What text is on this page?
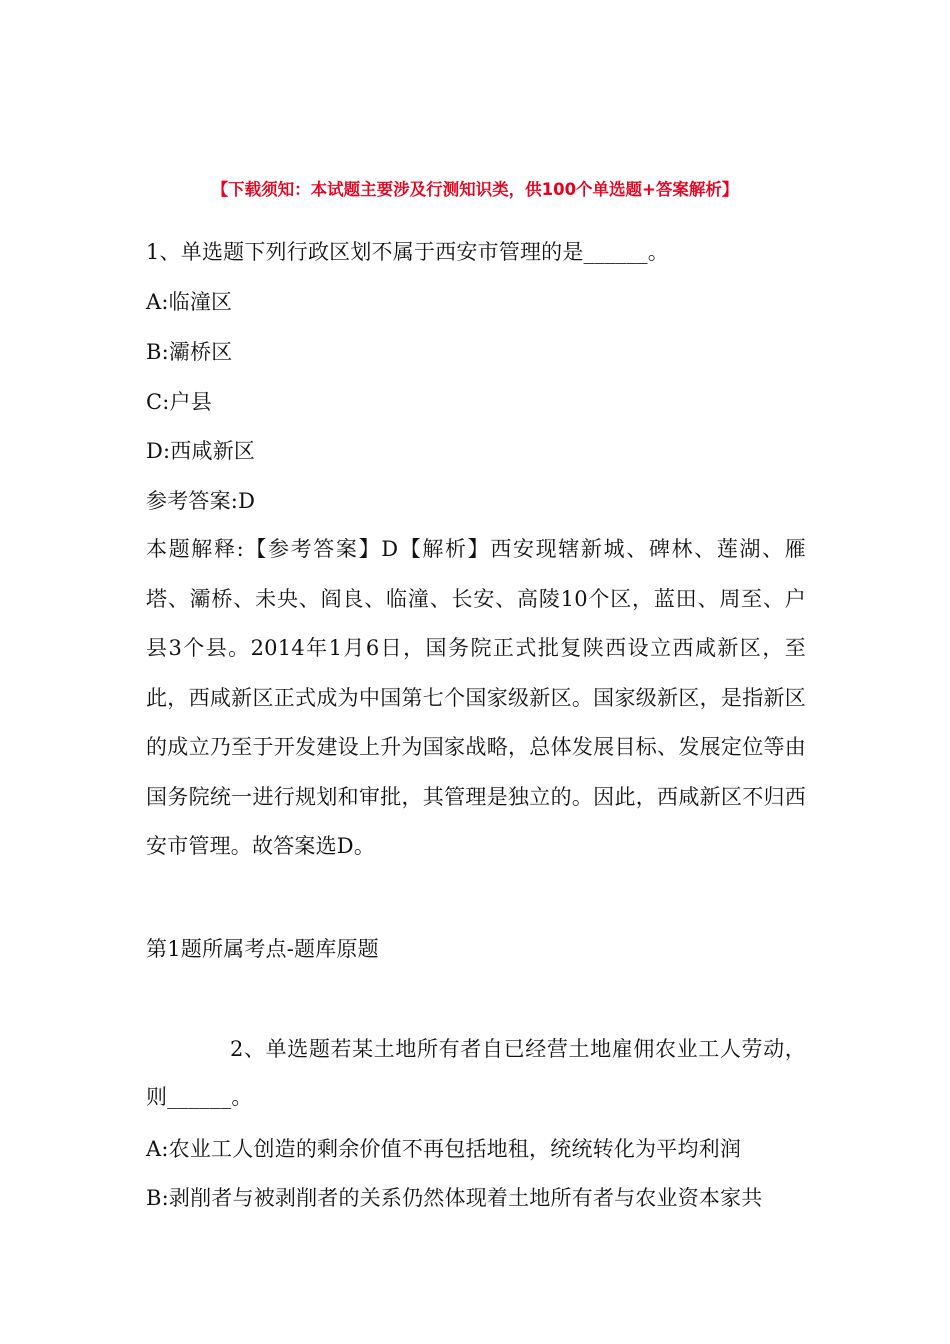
【下载须知：本试题主要涉及行测知识类，供100个单选题+答案解析】
1、单选题下列行政区划不属于西安市管理的是______。
A:临潼区
B:灞桥区
C:户县
D:西咸新区
参考答案:D
本题解释:【参考答案】D【解析】西安现辖新城、碑林、莲湖、雁塔、灞桥、未央、阎良、临潼、长安、高陵10个区，蓝田、周至、户县3个县。2014年1月6日，国务院正式批复陕西设立西咸新区，至此，西咸新区正式成为中国第七个国家级新区。国家级新区，是指新区的成立乃至于开发建设上升为国家战略，总体发展目标、发展定位等由国务院统一进行规划和审批，其管理是独立的。因此，西咸新区不归西安市管理。故答案选D。
第1题所属考点-题库原题
2、单选题若某土地所有者自已经营土地雇佣农业工人劳动，则______。
A:农业工人创造的剩余价值不再包括地租，统统转化为平均利润
B:剥削者与被剥削者的关系仍然体现着土地所有者与农业资本家共
